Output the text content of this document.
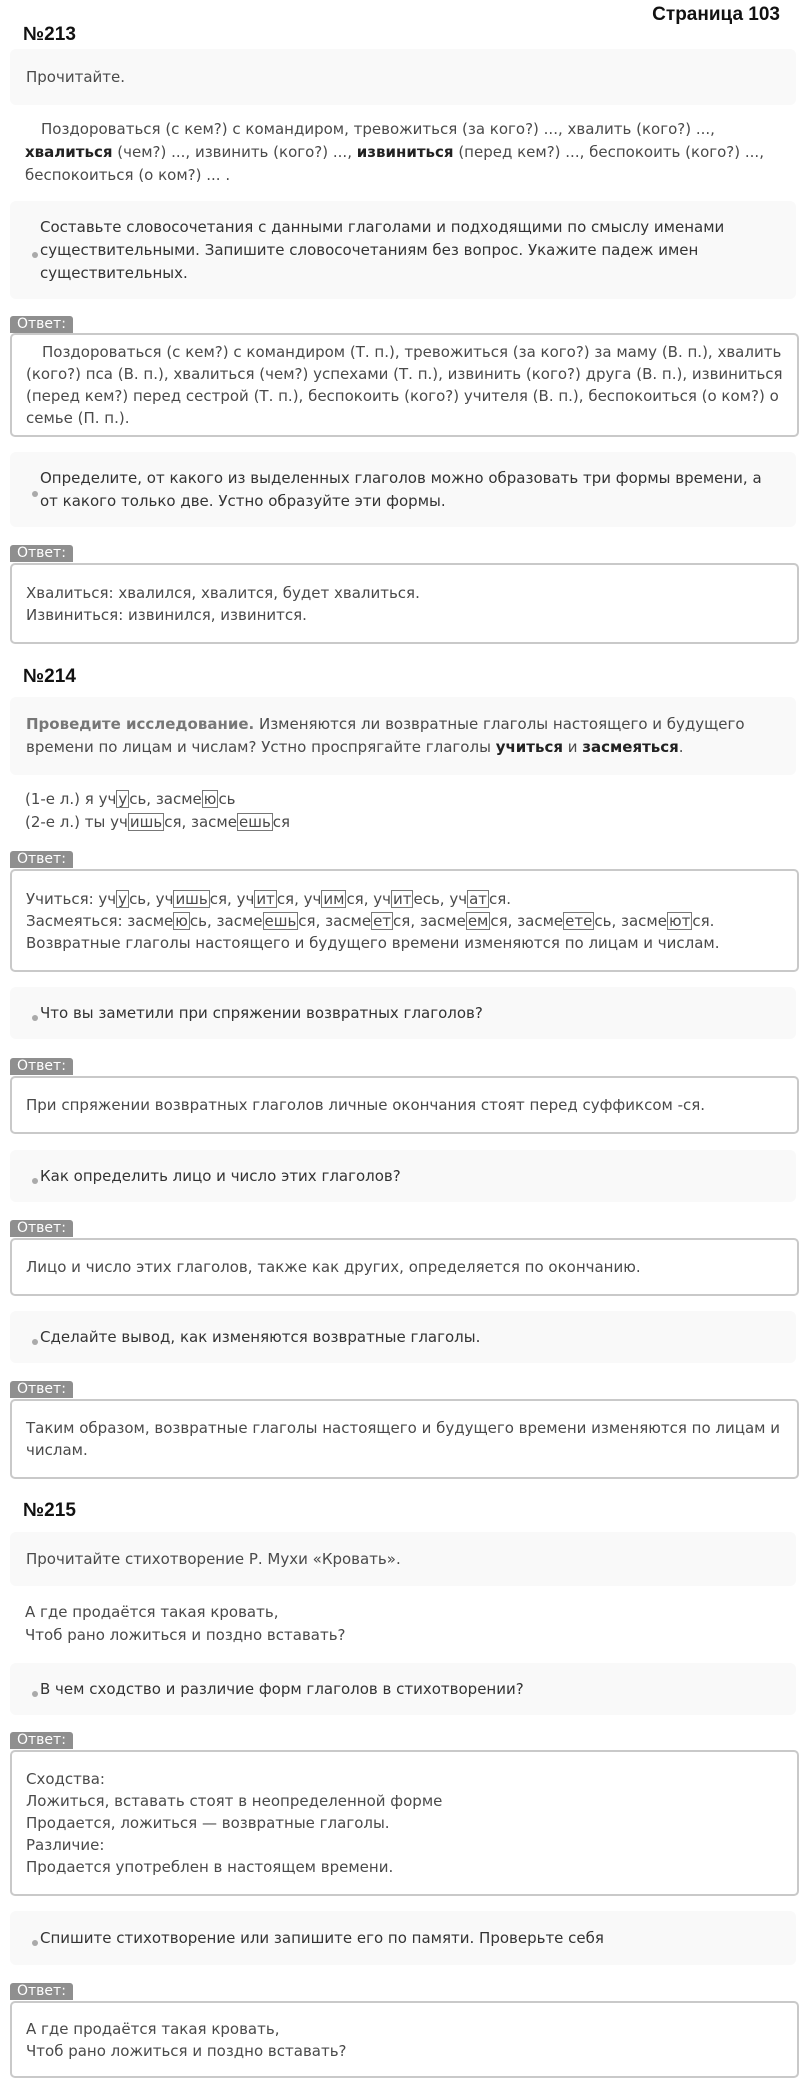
Страница 103
№213
Прочитайте.
Поздороваться (с кем?) с командиром, тревожиться (за кого?) ..., хвалить (кого?) ..., хвалиться (чем?) ..., извинить (кого?) ..., извиниться (перед кем?) ..., беспокоить (кого?) ..., беспокоиться (о ком?) ... .
Составьте словосочетания с данными глаголами и подходящими по смыслу именами существительными. Запишите словосочетаниям без вопрос. Укажите падеж имен существительных.
Ответ:
Поздороваться (с кем?) с командиром (Т. п.), тревожиться (за кого?) за маму (В. п.), хвалить (кого?) пса (В. п.), хвалиться (чем?) успехами (Т. п.), извинить (кого?) друга (В. п.), извиниться (перед кем?) перед сестрой (Т. п.), беспокоить (кого?) учителя (В. п.), беспокоиться (о ком?) о семье (П. п.).
Определите, от какого из выделенных глаголов можно образовать три формы времени, а от какого только две. Устно образуйте эти формы.
Ответ:
Хвалиться: хвалился, хвалится, будет хвалиться.
Извиниться: извинился, извинится.
№214
Проведите исследование. Изменяются ли возвратные глаголы настоящего и будущего времени по лицам и числам? Устно проспрягайте глаголы учиться и засмеяться.
(1-е л.) я уч у сь, засме ю сь
(2-е л.) ты уч ишь ся, засме ешь ся
Ответ:
Учиться: уч у сь, уч ишь ся, уч ит ся, уч им ся, уч ит есь, уч ат ся.
Засмеяться: засме ю сь, засме ешь ся, засме ет ся, засме ем ся, засме ете сь, засме ют ся.
Возвратные глаголы настоящего и будущего времени изменяются по лицам и числам.
Что вы заметили при спряжении возвратных глаголов?
Ответ:
При спряжении возвратных глаголов личные окончания стоят перед суффиксом -ся.
Как определить лицо и число этих глаголов?
Ответ:
Лицо и число этих глаголов, также как других, определяется по окончанию.
Сделайте вывод, как изменяются возвратные глаголы.
Ответ:
Таким образом, возвратные глаголы настоящего и будущего времени изменяются по лицам и числам.
№215
Прочитайте стихотворение Р. Мухи «Кровать».
А где продаётся такая кровать,
Чтоб рано ложиться и поздно вставать?
В чем сходство и различие форм глаголов в стихотворении?
Ответ:
Сходства:
Ложиться, вставать стоят в неопределенной форме
Продается, ложиться — возвратные глаголы.
Различие:
Продается употреблен в настоящем времени.
Спишите стихотворение или запишите его по памяти. Проверьте себя
Ответ:
А где продаётся такая кровать,
Чтоб рано ложиться и поздно вставать?
